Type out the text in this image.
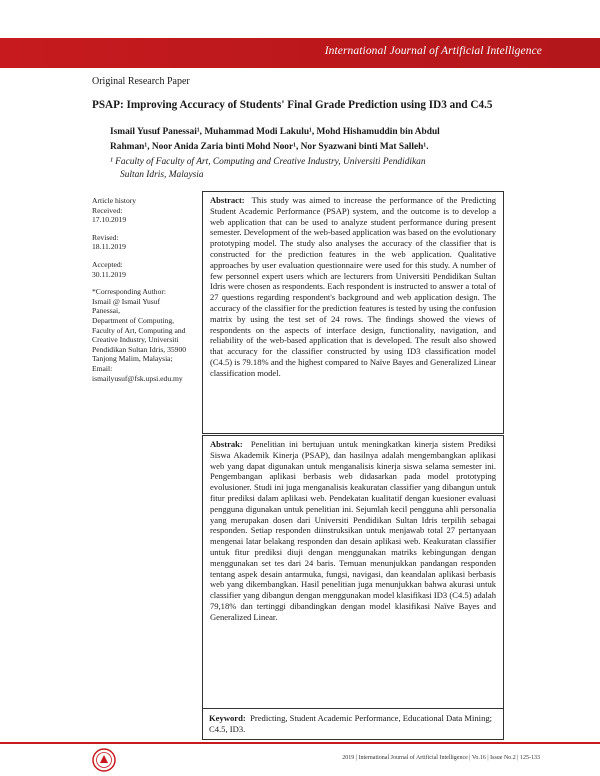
International Journal of Artificial Intelligence
Original Research Paper
PSAP: Improving Accuracy of Students' Final Grade Prediction using ID3 and C4.5
Ismail Yusuf Panessai¹, Muhammad Modi Lakulu¹, Mohd Hishamuddin bin Abdul
Rahman¹, Noor Anida Zaria binti Mohd Noor¹, Nor Syazwani binti Mat Salleh¹.
¹ Faculty of Faculty of Art, Computing and Creative Industry, Universiti Pendidikan
Sultan Idris, Malaysia
Article history
Received:
17.10.2019
Revised:
18.11.2019
Accepted:
30.11.2019
*Corresponding Author:
Ismail @ Ismail Yusuf
Panessai,
Department of Computing,
Faculty of Art, Computing and
Creative Industry, Universiti
Pendidikan Sultan Idris, 35900
Tanjong Malim, Malaysia;
Email:
ismailyusuf@fsk.upsi.edu.my

Abstract: This study was aimed to increase the performance of the Predicting Student Academic Performance (PSAP) system, and the outcome is to develop a web application that can be used to analyze student performance during present semester. Development of the web-based application was based on the evolutionary prototyping model. The study also analyses the accuracy of the classifier that is constructed for the prediction features in the web application. Qualitative approaches by user evaluation questionnaire were used for this study. A number of few personnel expert users which are lecturers from Universiti Pendidikan Sultan Idris were chosen as respondents. Each respondent is instructed to answer a total of 27 questions regarding respondent's background and web application design. The accuracy of the classifier for the prediction features is tested by using the confusion matrix by using the test set of 24 rows. The findings showed the views of respondents on the aspects of interface design, functionality, navigation, and reliability of the web-based application that is developed. The result also showed that accuracy for the classifier constructed by using ID3 classification model (C4.5) is 79.18% and the highest compared to Naïve Bayes and Generalized Linear classification model.

Abstrak: Penelitian ini bertujuan untuk meningkatkan kinerja sistem Prediksi Siswa Akademik Kinerja (PSAP), dan hasilnya adalah mengembangkan aplikasi web yang dapat digunakan untuk menganalisis kinerja siswa selama semester ini. Pengembangan aplikasi berbasis web didasarkan pada model prototyping evolusioner. Studi ini juga menganalisis keakuratan classifier yang dibangun untuk fitur prediksi dalam aplikasi web. Pendekatan kualitatif dengan kuesioner evaluasi pengguna digunakan untuk penelitian ini. Sejumlah kecil pengguna ahli personalia yang merupakan dosen dari Universiti Pendidikan Sultan Idris terpilih sebagai responden. Setiap responden diinstruksikan untuk menjawab total 27 pertanyaan mengenai latar belakang responden dan desain aplikasi web. Keakuratan classifier untuk fitur prediksi diuji dengan menggunakan matriks kebingungan dengan menggunakan set tes dari 24 baris. Temuan menunjukkan pandangan responden tentang aspek desain antarmuka, fungsi, navigasi, dan keandalan aplikasi berbasis web yang dikembangkan. Hasil penelitian juga menunjukkan bahwa akurasi untuk classifier yang dibangun dengan menggunakan model klasifikasi ID3 (C4.5) adalah 79,18% dan tertinggi dibandingkan dengan model klasifikasi Naïve Bayes and Generalized Linear.

Keyword: Predicting, Student Academic Performance, Educational Data Mining; C4.5, ID3.
2019 | International Journal of Artificial Intelligence | Vo.16 | Issue No.2 | 125-133
